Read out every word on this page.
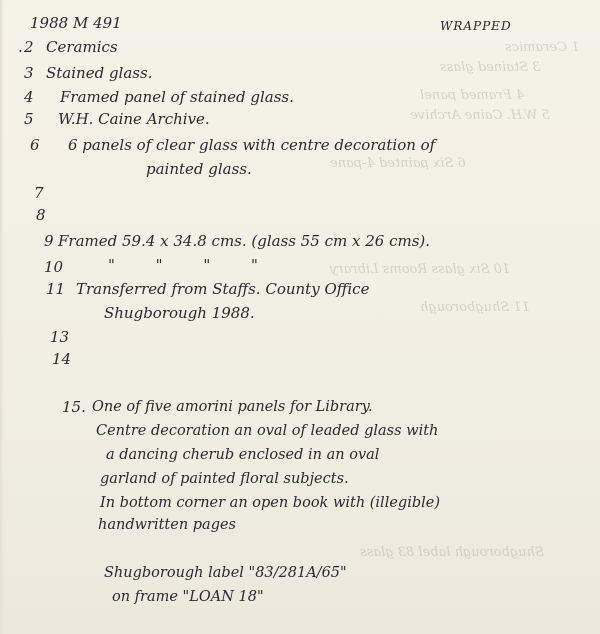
1 Ceramics
3 Stained glass
4 Framed panel
5 W.H. Caine Archive
6 Six painted 4-pane
10 Six glass Rooms Library
11 Shugborough
Shugborough label 83 glass
1988 M 491	WRAPPED
. 2 Ceramics
3 Stained glass.
4 Framed panel of stained glass.
5 W.H. Caine Archive.
6 6 panels of clear glass with centre decoration of
painted glass.
7
8
9 Framed 59.4 x 34.8 cms. (glass 55 cm x 26 cms).
10	" " " "
11 Transferred from Staffs. County Office
Shugborough 1988.
13
14
15. One of five amorini panels for Library.
Centre decoration an oval of leaded glass with
a dancing cherub enclosed in an oval
garland of painted floral subjects.
In bottom corner an open book with (illegible)
handwritten pages
Shugborough label "83/281A/65"
on frame "LOAN 18"
